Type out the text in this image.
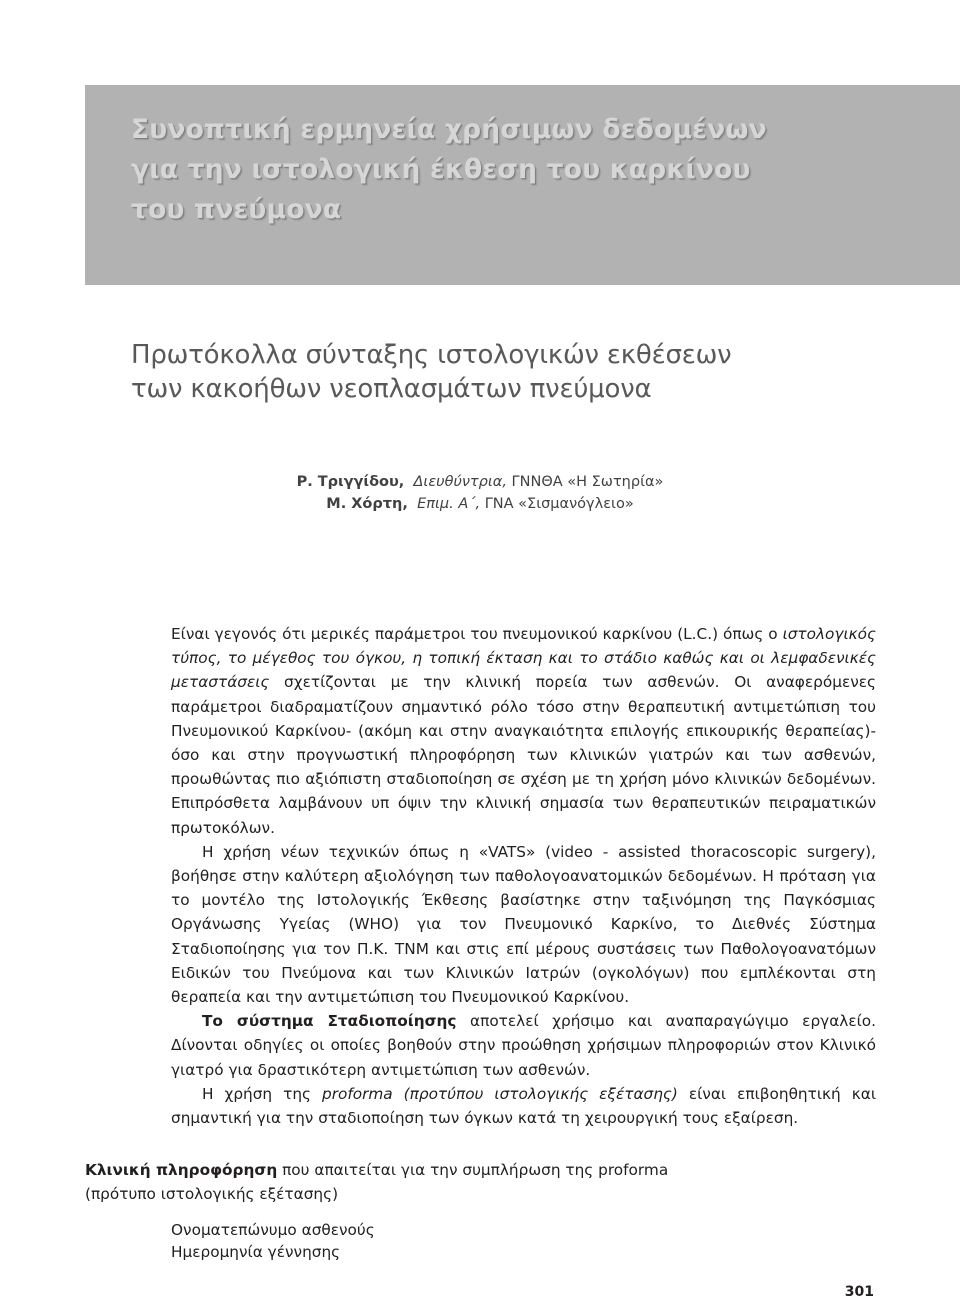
Συνοπτική ερμηνεία χρήσιμων δεδομένων
για την ιστολογική έκθεση του καρκίνου
του πνεύμονα
Πρωτόκολλα σύνταξης ιστολογικών εκθέσεων
των κακοήθων νεοπλασμάτων πνεύμονα
Ρ. Τριγγίδου, Διευθύντρια, ΓΝΝΘΑ «Η Σωτηρία»
Μ. Χόρτη, Επιμ. Α΄, ΓΝΑ «Σισμανόγλειο»

Είναι γεγονός ότι μερικές παράμετροι του πνευμονικού καρκίνου (L.C.) όπως ο ιστολογικός τύπος, το μέγεθος του όγκου, η τοπική έκταση και το στάδιο καθώς και οι λεμφαδενικές μεταστάσεις σχετίζονται με την κλινική πορεία των ασθενών. Οι αναφερόμενες παράμετροι διαδραματίζουν σημαντικό ρόλο τόσο στην θεραπευτική αντιμετώπιση του Πνευμονικού Καρκίνου- (ακόμη και στην αναγκαιότητα επιλογής επικουρικής θεραπείας)- όσο και στην προγνωστική πληροφόρηση των κλινικών γιατρών και των ασθενών, προωθώντας πιο αξιόπιστη σταδιοποίηση σε σχέση με τη χρήση μόνο κλινικών δεδομένων. Επιπρόσθετα λαμβάνουν υπ όψιν την κλινική σημασία των θεραπευτικών πειραματικών πρωτοκόλων.

Η χρήση νέων τεχνικών όπως η «VATS» (video - assisted thoracoscopic surgery), βοήθησε στην καλύτερη αξιολόγηση των παθολογοανατομικών δεδομένων. Η πρόταση για το μοντέλο της Ιστολογικής Έκθεσης βασίστηκε στην ταξινόμηση της Παγκόσμιας Οργάνωσης Υγείας (WHO) για τον Πνευμονικό Καρκίνο, το Διεθνές Σύστημα Σταδιοποίησης για τον Π.Κ. ΤΝΜ και στις επί μέρους συστάσεις των Παθολογοανατόμων Ειδικών του Πνεύμονα και των Κλινικών Ιατρών (ογκολόγων) που εμπλέκονται στη θεραπεία και την αντιμετώπιση του Πνευμονικού Καρκίνου.

Το σύστημα Σταδιοποίησης αποτελεί χρήσιμο και αναπαραγώγιμο εργαλείο. Δίνονται οδηγίες οι οποίες βοηθούν στην προώθηση χρήσιμων πληροφοριών στον Κλινικό γιατρό για δραστικότερη αντιμετώπιση των ασθενών.

Η χρήση της proforma (προτύπου ιστολογικής εξέτασης) είναι επιβοηθητική και σημαντική για την σταδιοποίηση των όγκων κατά τη χειρουργική τους εξαίρεση.

Κλινική πληροφόρηση που απαιτείται για την συμπλήρωση της proforma
(πρότυπο ιστολογικής εξέτασης)
Ονοματεπώνυμο ασθενούς
Ημερομηνία γέννησης
301
